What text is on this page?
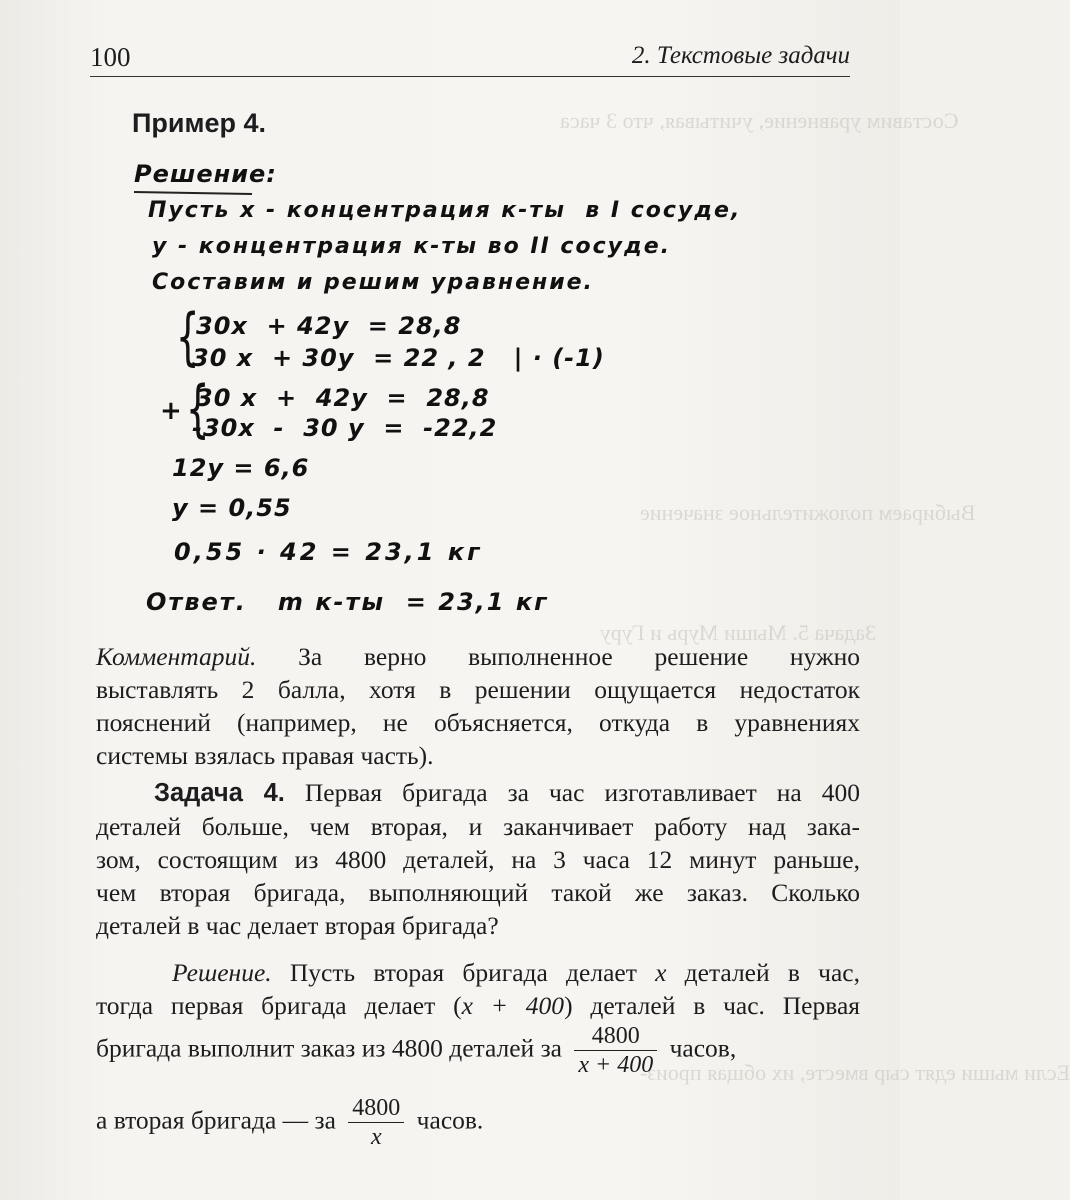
Составим уравнение, учитывая, что 3 часа
Выбираем положительное значение
Задача 5. Мыши Мурь и Гуру
Если мыши едят сыр вместе, их общая произ-
100	2. Текстовые задачи
Пример 4.
Решение:
Пусть x - концентрация к-ты  в I сосуде,
y - концентрация к-ты во II сосуде.
Составим и решим уравнение.
{
30x  + 42y  = 28,8
30 x  + 30y  = 22 , 2   | · (-1)
+ {
30 x  +  42y  =  28,8
-30x  -  30 y  =  -22,2
12y = 6,6
y = 0,55
0,55 · 42 = 23,1 кг
Ответ.   m к-ты  = 23,1 кг
Комментарий. За верно выполненное решение нужно
выставлять 2 балла, хотя в решении ощущается недостаток
пояснений (например, не объясняется, откуда в уравнениях
системы взялась правая часть).
Задача 4. Первая бригада за час изготавливает на 400
деталей больше, чем вторая, и заканчивает работу над зака-
зом, состоящим из 4800 деталей, на 3 часа 12 минут раньше,
чем вторая бригада, выполняющий такой же заказ. Сколько
деталей в час делает вторая бригада?
Решение. Пусть вторая бригада делает x деталей в час,
тогда первая бригада делает (x + 400) деталей в час. Первая
бригада выполнит заказ из 4800 деталей за $\frac{4800}{x + 400}$ часов,
а вторая бригада — за $\frac{4800}{x}$ часов.
